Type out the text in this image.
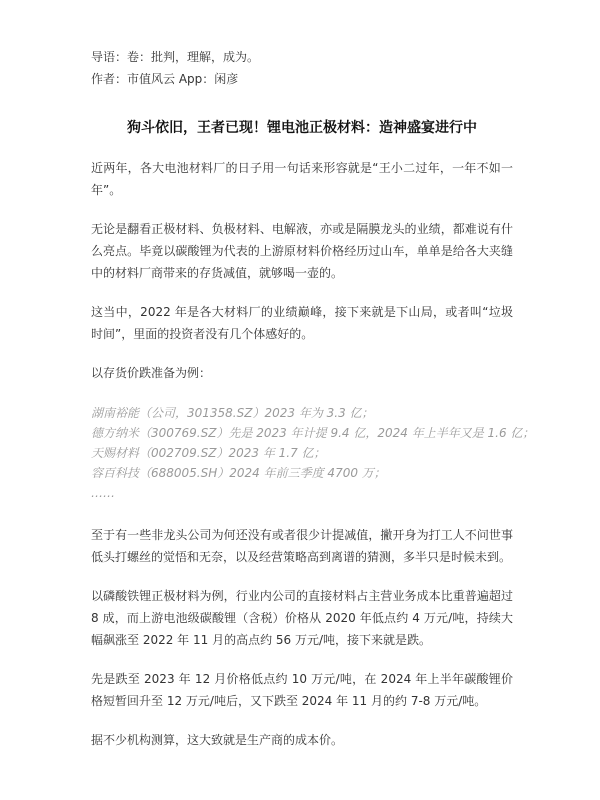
导语：卷：批判，理解，成为。

作者：市值风云 App：闲彦

狗斗依旧，王者已现！锂电池正极材料：造神盛宴进行中

近两年，各大电池材料厂的日子用一句话来形容就是“王小二过年，一年不如一年”。

无论是翻看正极材料、负极材料、电解液，亦或是隔膜龙头的业绩，都难说有什么亮点。毕竟以碳酸锂为代表的上游原材料价格经历过山车，单单是给各大夹缝中的材料厂商带来的存货减值，就够喝一壶的。

这当中，2022 年是各大材料厂的业绩巅峰，接下来就是下山局，或者叫“垃圾时间”，里面的投资者没有几个体感好的。

以存货价跌准备为例：

湖南裕能（公司，301358.SZ）2023 年为 3.3 亿；
德方纳米（300769.SZ）先是 2023 年计提 9.4 亿，2024 年上半年又是 1.6 亿；
天赐材料（002709.SZ）2023 年 1.7 亿；
容百科技（688005.SH）2024 年前三季度 4700 万；
……

至于有一些非龙头公司为何还没有或者很少计提减值，撇开身为打工人不问世事低头打螺丝的觉悟和无奈，以及经营策略高到离谱的猜测，多半只是时候未到。

以磷酸铁锂正极材料为例，行业内公司的直接材料占主营业务成本比重普遍超过 8 成，而上游电池级碳酸锂（含税）价格从 2020 年低点约 4 万元/吨，持续大幅飙涨至 2022 年 11 月的高点约 56 万元/吨，接下来就是跌。

先是跌至 2023 年 12 月价格低点约 10 万元/吨，在 2024 年上半年碳酸锂价格短暂回升至 12 万元/吨后，又下跌至 2024 年 11 月的约 7-8 万元/吨。

据不少机构测算，这大致就是生产商的成本价。
